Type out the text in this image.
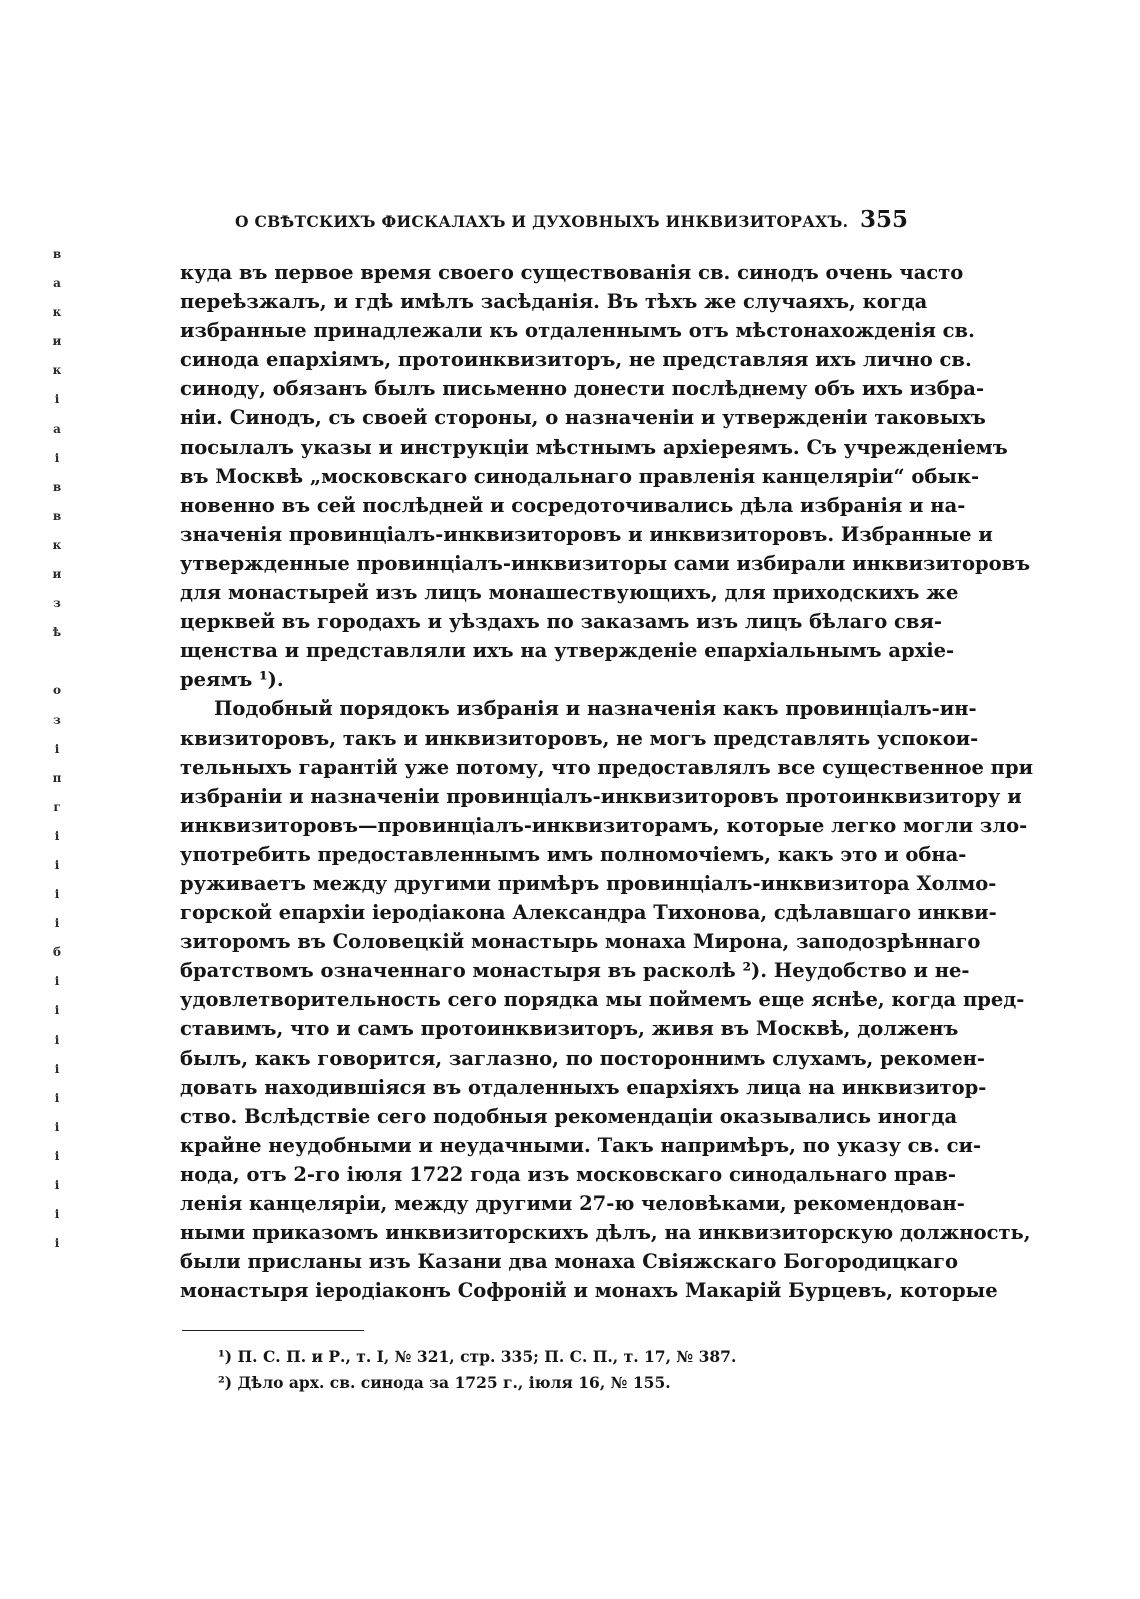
в
а
к
и
к
і
а
і
в
в
к
и
з
ѣ
о
з
і
п
г
і
і
і
і
б
і
і
і
і
і
і
і
і
і
і
О СВѢТСКИХЪ ФИСКАЛАХЪ И ДУХОВНЫХЪ ИНКВИЗИТОРАХЪ. 355
куда въ первое время своего существованія св. синодъ очень часто
переѣзжалъ, и гдѣ имѣлъ засѣданія. Въ тѣхъ же случаяхъ, когда
избранные принадлежали къ отдаленнымъ отъ мѣстонахожденія св.
синода епархіямъ, протоинквизиторъ, не представляя ихъ лично св.
синоду, обязанъ былъ письменно донести послѣднему объ ихъ избра-
ніи. Синодъ, съ своей стороны, о назначеніи и утвержденіи таковыхъ
посылалъ указы и инструкціи мѣстнымъ архіереямъ. Съ учрежденіемъ
въ Москвѣ „московскаго синодальнаго правленія канцеляріи“ обык-
новенно въ сей послѣдней и сосредоточивались дѣла избранія и на-
значенія провинціалъ-инквизиторовъ и инквизиторовъ. Избранные и
утвержденные провинціалъ-инквизиторы сами избирали инквизиторовъ
для монастырей изъ лицъ монашествующихъ, для приходскихъ же
церквей въ городахъ и уѣздахъ по заказамъ изъ лицъ бѣлаго свя-
щенства и представляли ихъ на утвержденіе епархіальнымъ архіе-
реямъ ¹).
Подобный порядокъ избранія и назначенія какъ провинціалъ-ин-
квизиторовъ, такъ и инквизиторовъ, не могъ представлять успокои-
тельныхъ гарантій уже потому, что предоставлялъ все существенное при
избраніи и назначеніи провинціалъ-инквизиторовъ протоинквизитору и
инквизиторовъ—провинціалъ-инквизиторамъ, которые легко могли зло-
употребить предоставленнымъ имъ полномочіемъ, какъ это и обна-
руживаетъ между другими примѣръ провинціалъ-инквизитора Холмо-
горской епархіи іеродіакона Александра Тихонова, сдѣлавшаго инкви-
зиторомъ въ Соловецкій монастырь монаха Мирона, заподозрѣннаго
братствомъ означеннаго монастыря въ расколѣ ²). Неудобство и не-
удовлетворительность сего порядка мы поймемъ еще яснѣе, когда пред-
ставимъ, что и самъ протоинквизиторъ, живя въ Москвѣ, долженъ
былъ, какъ говорится, заглазно, по постороннимъ слухамъ, рекомен-
довать находившіяся въ отдаленныхъ епархіяхъ лица на инквизитор-
ство. Вслѣдствіе сего подобныя рекомендаціи оказывались иногда
крайне неудобными и неудачными. Такъ напримѣръ, по указу св. си-
нода, отъ 2-го іюля 1722 года изъ московскаго синодальнаго прав-
ленія канцеляріи, между другими 27-ю человѣками, рекомендован-
ными приказомъ инквизиторскихъ дѣлъ, на инквизиторскую должность,
были присланы изъ Казани два монаха Свіяжскаго Богородицкаго
монастыря іеродіаконъ Софроній и монахъ Макарій Бурцевъ, которые
¹) П. С. П. и Р., т. I, № 321, стр. 335; П. С. П., т. 17, № 387.
²) Дѣло арх. св. синода за 1725 г., іюля 16, № 155.
